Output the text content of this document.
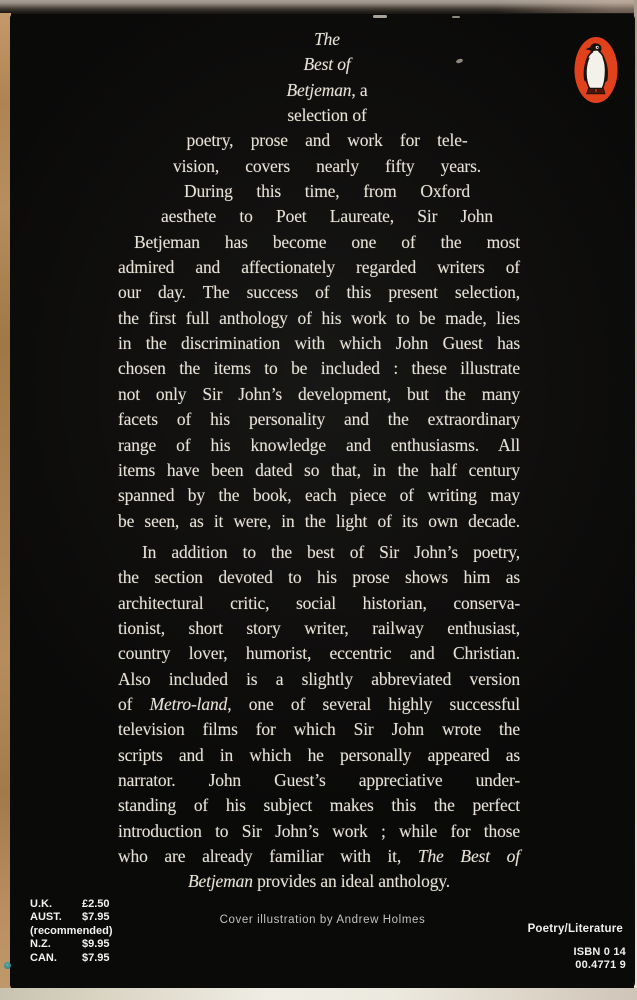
The
Best of
Betjeman, a
selection of
poetry, prose and work for tele-
vision, covers nearly fifty years.
During this time, from Oxford
aesthete to Poet Laureate, Sir John
Betjeman has become one of the most
admired and affectionately regarded writers of
our day. The success of this present selection,
the first full anthology of his work to be made, lies
in the discrimination with which John Guest has
chosen the items to be included : these illustrate
not only Sir John’s development, but the many
facets of his personality and the extraordinary
range of his knowledge and enthusiasms. All
items have been dated so that, in the half century
spanned by the book, each piece of writing may
be seen, as it were, in the light of its own decade.
In addition to the best of Sir John’s poetry,
the section devoted to his prose shows him as
architectural critic, social historian, conserva-
tionist, short story writer, railway enthusiast,
country lover, humorist, eccentric and Christian.
Also included is a slightly abbreviated version
of Metro-land, one of several highly successful
television films for which Sir John wrote the
scripts and in which he personally appeared as
narrator. John Guest’s appreciative under-
standing of his subject makes this the perfect
introduction to Sir John’s work ; while for those
who are already familiar with it, The Best of
Betjeman provides an ideal anthology.
U.K.	£2.50
AUST.	$7.95
(recommended)
N.Z.	$9.95
CAN.	$7.95
Cover illustration by Andrew Holmes
Poetry/Literature
ISBN 0 14
00.4771 9
